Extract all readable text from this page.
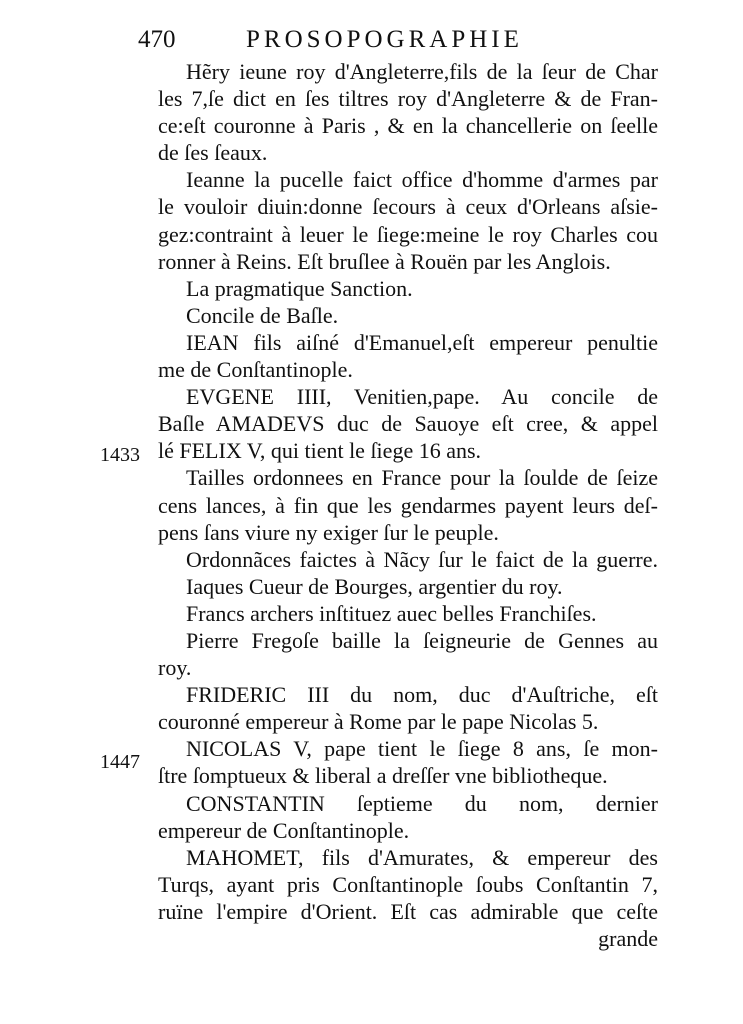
470	PROSOPOGRAPHIE
1433
1447
Hẽry ieune roy d'Angleterre,fils de la ſeur de Char
les 7,ſe dict en ſes tiltres roy d'Angleterre & de Fran-
ce:eſt couronne à Paris , & en la chancellerie on ſeelle
de ſes ſeaux.
Ieanne la pucelle faict office d'homme d'armes par
le vouloir diuin:donne ſecours à ceux d'Orleans aſsie-
gez:contraint à leuer le ſiege:meine le roy Charles cou
ronner à Reins. Eſt bruſlee à Rouën par les Anglois.
La pragmatique Sanction.
Concile de Baſle.
IEAN fils aiſné d'Emanuel,eſt empereur penultie
me de Conſtantinople.
EVGENE IIII, Venitien,pape. Au concile de
Baſle AMADEVS duc de Sauoye eſt cree, & appel
lé FELIX V, qui tient le ſiege 16 ans.
Tailles ordonnees en France pour la ſoulde de ſeize
cens lances, à fin que les gendarmes payent leurs deſ-
pens ſans viure ny exiger ſur le peuple.
Ordonnãces faictes à Nãcy ſur le faict de la guerre.
Iaques Cueur de Bourges, argentier du roy.
Francs archers inſtituez auec belles Franchiſes.
Pierre Fregoſe baille la ſeigneurie de Gennes au
roy.
FRIDERIC III du nom, duc d'Auſtriche, eſt
couronné empereur à Rome par le pape Nicolas 5.
NICOLAS V, pape tient le ſiege 8 ans, ſe mon-
ſtre ſomptueux & liberal a dreſſer vne bibliotheque.
CONSTANTIN ſeptieme du nom, dernier
empereur de Conſtantinople.
MAHOMET, fils d'Amurates, & empereur des
Turqs, ayant pris Conſtantinople ſoubs Conſtantin 7,
ruïne l'empire d'Orient. Eſt cas admirable que ceſte
grande
